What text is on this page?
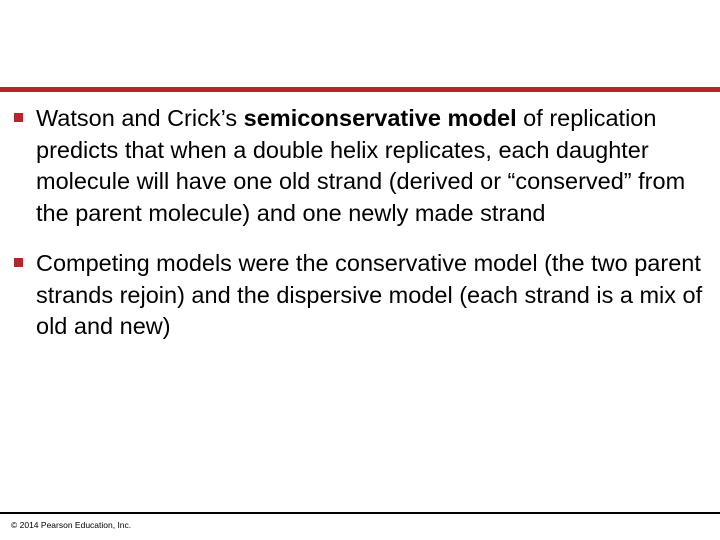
Watson and Crick’s semiconservative model of replication predicts that when a double helix replicates, each daughter molecule will have one old strand (derived or “conserved” from the parent molecule) and one newly made strand
Competing models were the conservative model (the two parent strands rejoin) and the dispersive model (each strand is a mix of old and new)
© 2014 Pearson Education, Inc.
